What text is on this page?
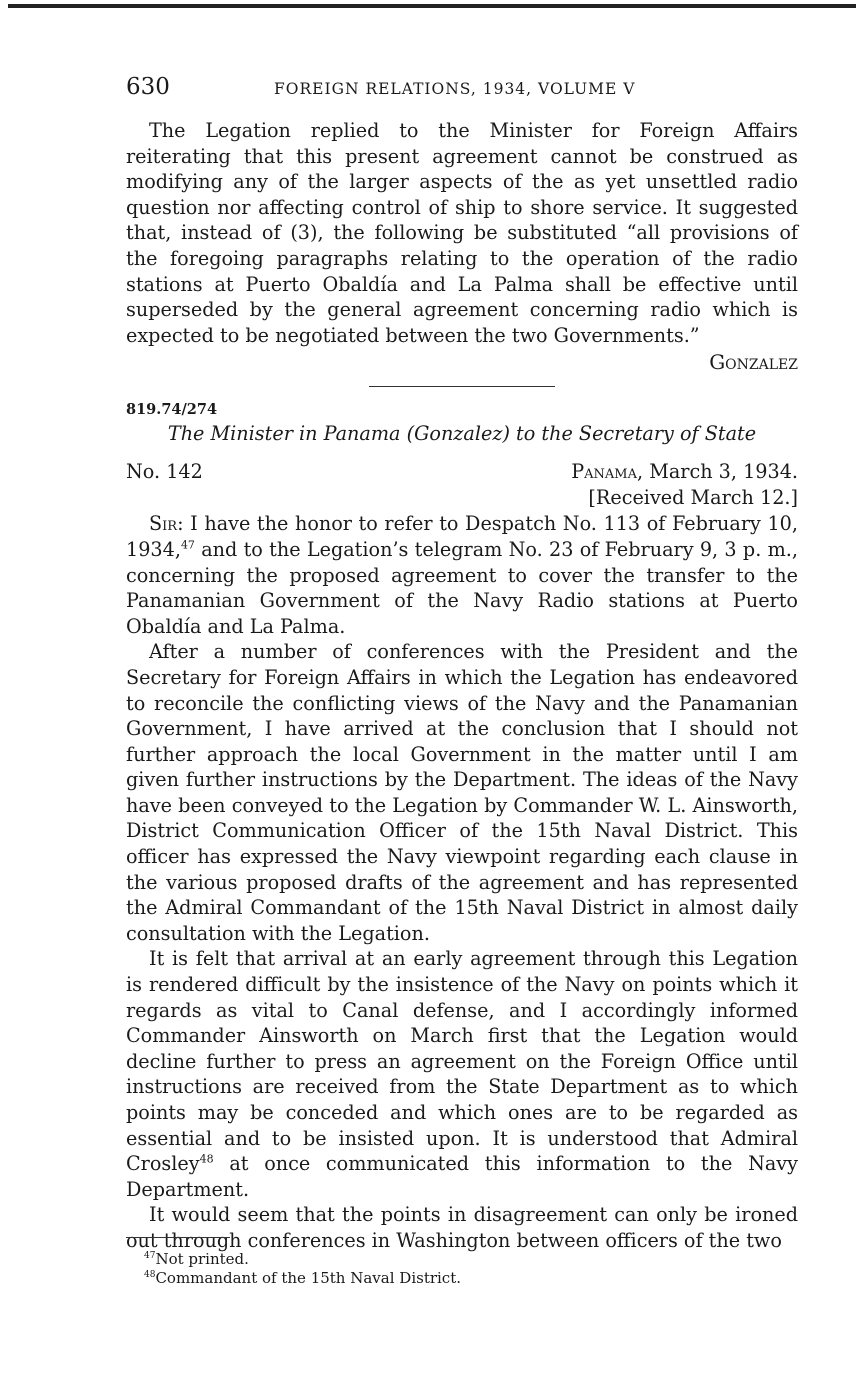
630	FOREIGN RELATIONS, 1934, VOLUME V

The Legation replied to the Minister for Foreign Affairs reiterating that this present agreement cannot be construed as modifying any of the larger aspects of the as yet unsettled radio question nor affecting control of ship to shore service. It suggested that, instead of (3), the following be substituted “all provisions of the foregoing paragraphs relating to the operation of the radio stations at Puerto Obaldía and La Palma shall be effective until superseded by the general agreement concerning radio which is expected to be negotiated between the two Governments.”

Gonzalez
819.74/274
The Minister in Panama (Gonzalez) to the Secretary of State
No. 142	Panama, March 3, 1934.
[Received March 12.]

Sir: I have the honor to refer to Despatch No. 113 of February 10, 1934,47 and to the Legation’s telegram No. 23 of February 9, 3 p. m., concerning the proposed agreement to cover the transfer to the Panamanian Government of the Navy Radio stations at Puerto Obaldía and La Palma.

After a number of conferences with the President and the Secretary for Foreign Affairs in which the Legation has endeavored to reconcile the conflicting views of the Navy and the Panamanian Government, I have arrived at the conclusion that I should not further approach the local Government in the matter until I am given further instructions by the Department. The ideas of the Navy have been conveyed to the Legation by Commander W. L. Ainsworth, District Communication Officer of the 15th Naval District. This officer has expressed the Navy viewpoint regarding each clause in the various proposed drafts of the agreement and has represented the Admiral Commandant of the 15th Naval District in almost daily consultation with the Legation.

It is felt that arrival at an early agreement through this Legation is rendered difficult by the insistence of the Navy on points which it regards as vital to Canal defense, and I accordingly informed Commander Ainsworth on March first that the Legation would decline further to press an agreement on the Foreign Office until instructions are received from the State Department as to which points may be conceded and which ones are to be regarded as essential and to be insisted upon. It is understood that Admiral Crosley$^{48}$ at once communicated this information to the Navy Department.

It would seem that the points in disagreement can only be ironed out through conferences in Washington between officers of the two

$^{47}$Not printed.
$^{48}$Commandant of the 15th Naval District.
